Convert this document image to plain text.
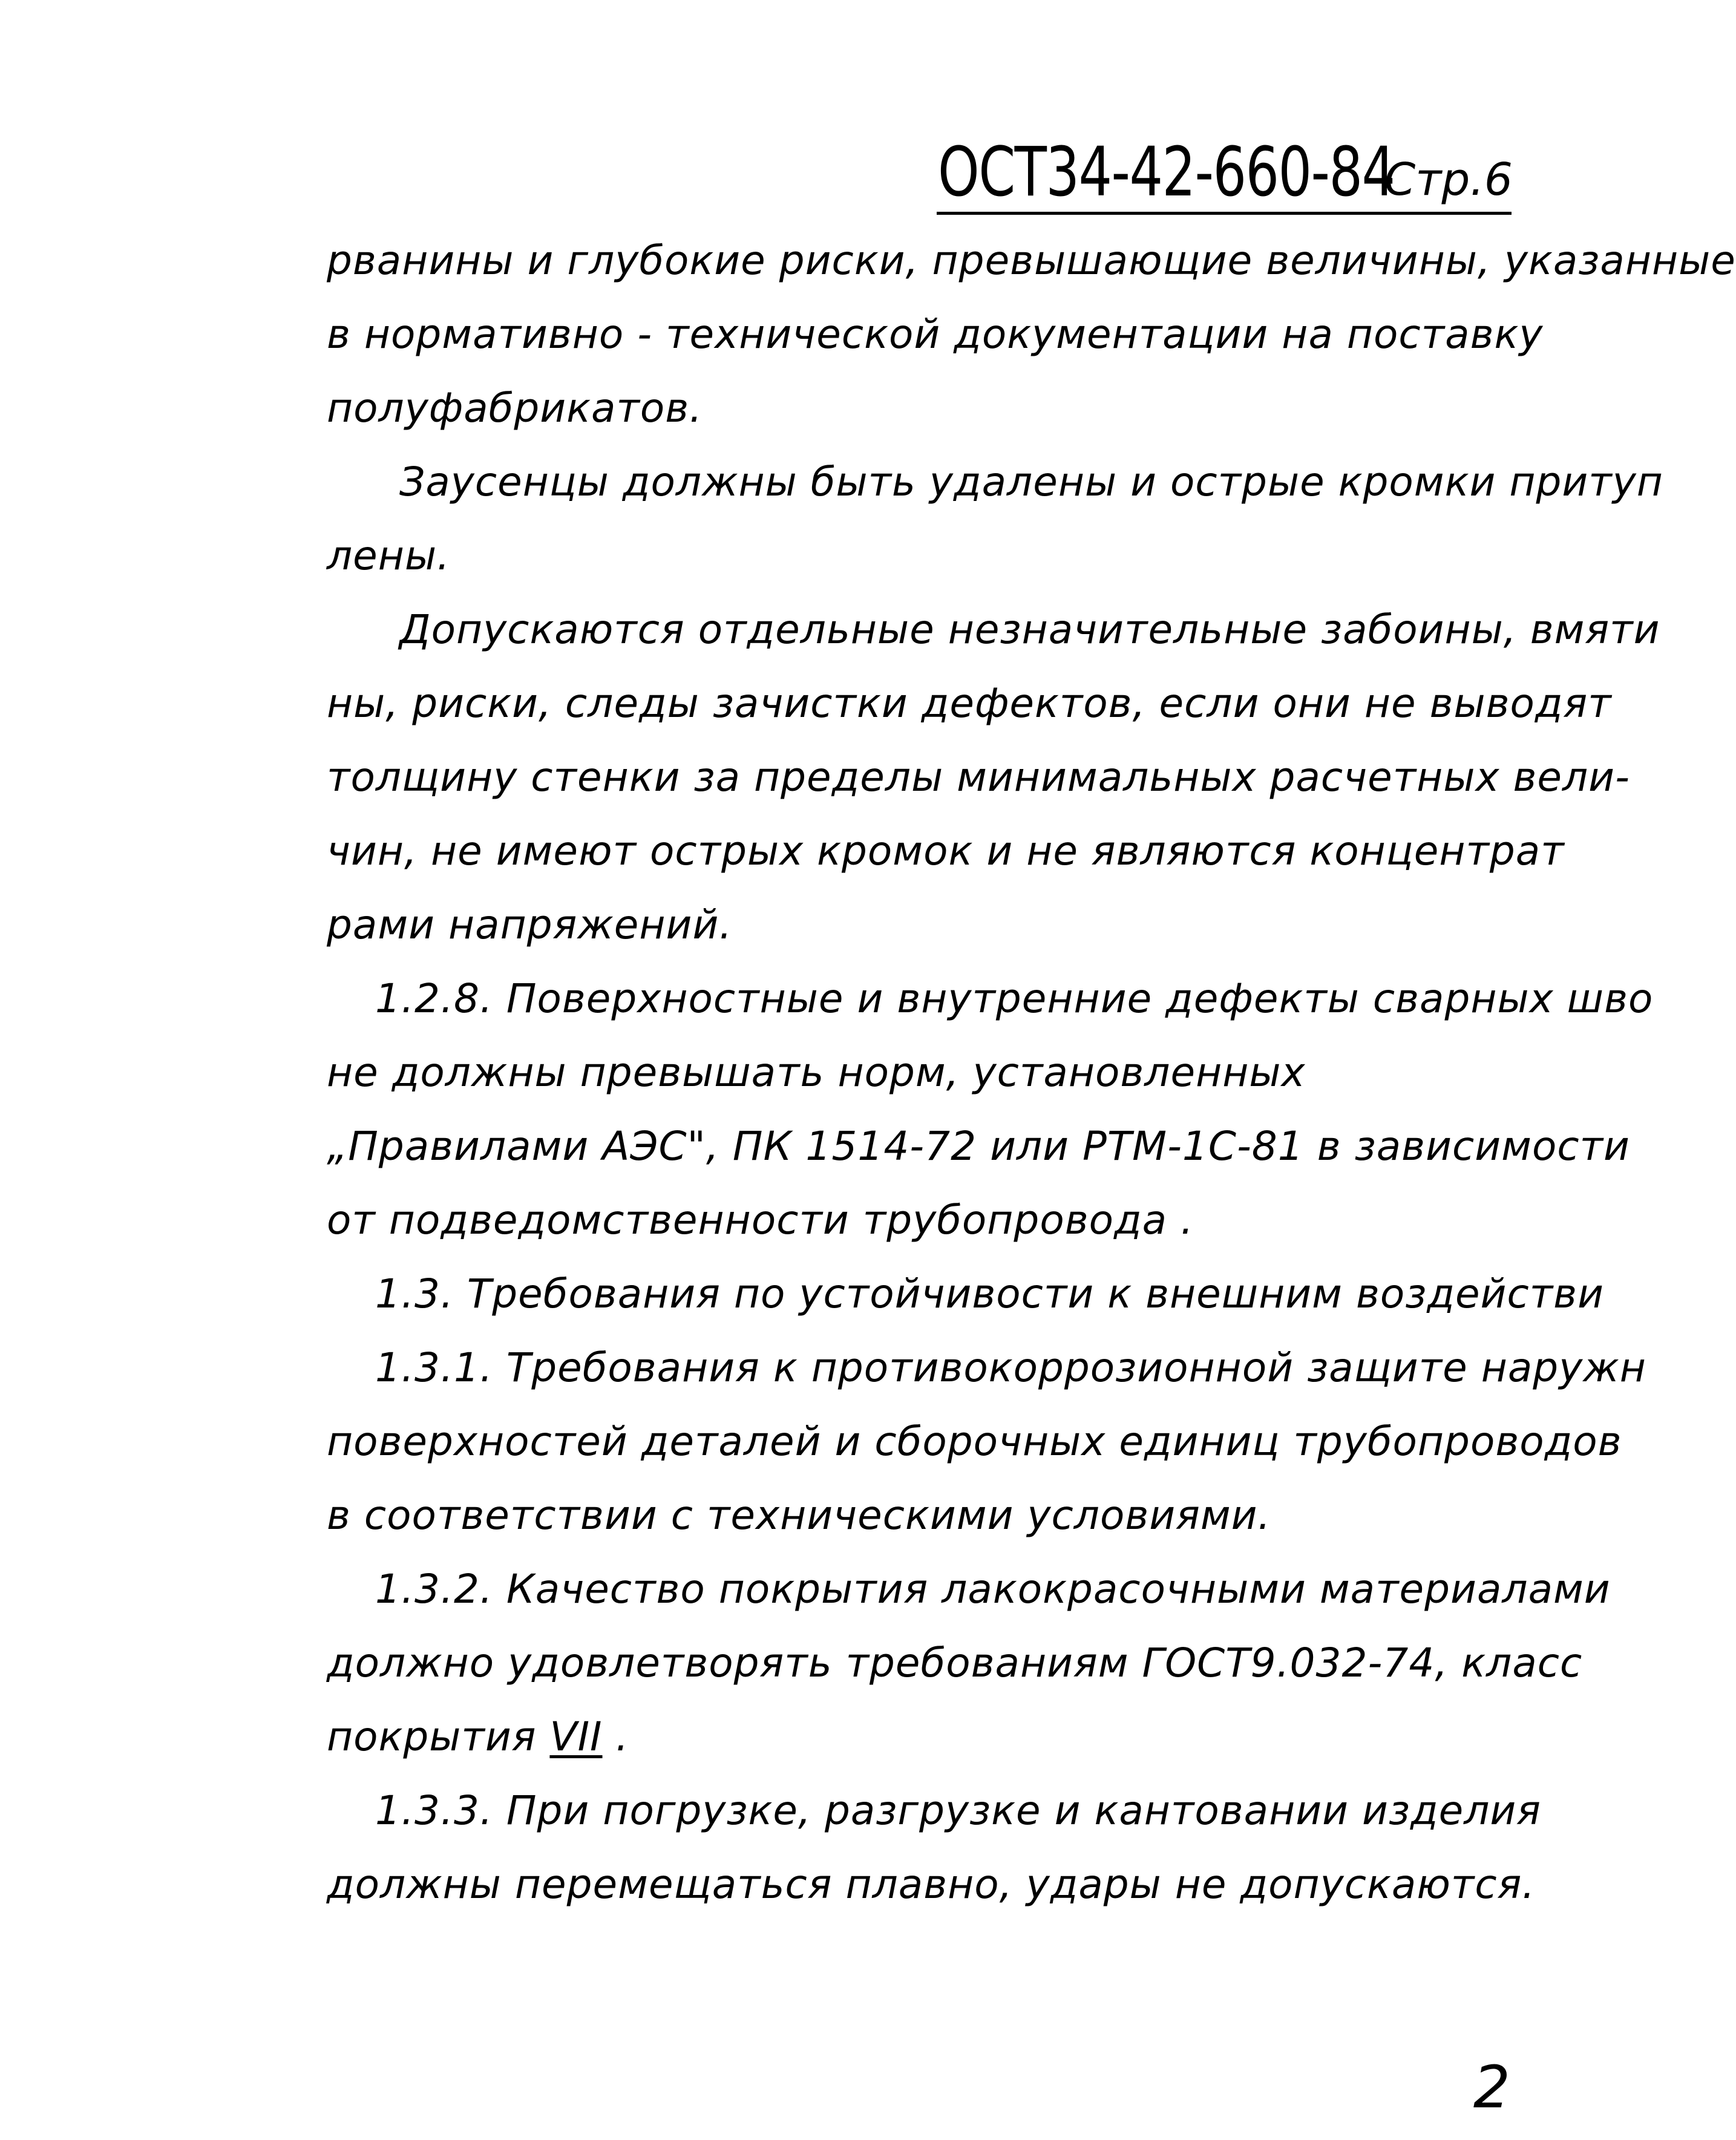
ОСТ34-42-660-84
Стр.6
рванины и глубокие риски, превышающие величины, указанные
в нормативно - технической документации на поставку
полуфабрикатов.
Заусенцы должны быть удалены и острые кромки притуп
лены.
Допускаются отдельные незначительные забоины, вмяти
ны, риски, следы зачистки дефектов, если они не выводят
толщину стенки за пределы минимальных расчетных вели-
чин, не имеют острых кромок и не являются концентрат
рами напряжений.
1.2.8. Поверхностные и внутренние дефекты сварных шво
не должны превышать норм, установленных
„Правилами АЭС", ПК 1514-72 или РТМ-1С-81 в зависимости
от подведомственности трубопровода .
1.3. Требования по устойчивости к внешним воздействи
1.3.1. Требования к противокоррозионной защите наружн
поверхностей деталей и сборочных единиц трубопроводов
в соответствии с техническими условиями.
1.3.2. Качество покрытия лакокрасочными материалами
должно удовлетворять требованиям ГОСТ9.032-74, класс
покрытия VII .
1.3.3. При погрузке, разгрузке и кантовании изделия
должны перемещаться плавно, удары не допускаются.
2
